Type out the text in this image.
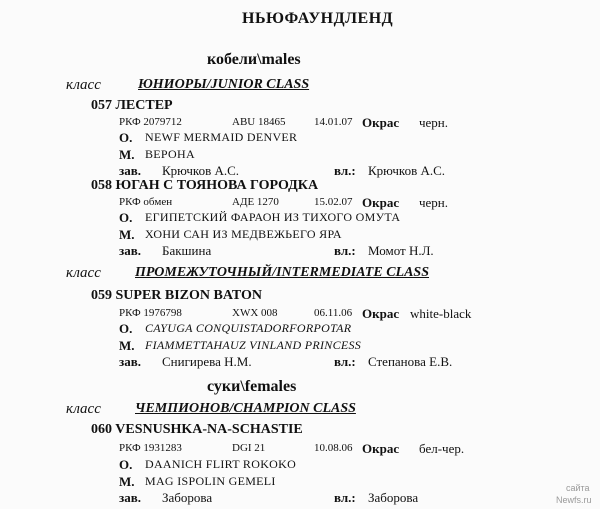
НЬЮФАУНДЛЕНД
кобели\males
класс	ЮНИОРЫ/JUNIOR CLASS
057 ЛЕСТЕР
РКФ 2079712	ABU 18465	14.01.07 Окрас черн.
О. NEWF MERMAID DENVER
М. ВЕРОНА
зав. Крючков А.С.	вл.: Крючков А.С.
058 ЮГАН С ТОЯНОВА ГОРОДКА
РКФ обмен	АДЕ 1270	15.02.07 Окрас черн.
О. ЕГИПЕТСКИЙ ФАРАОН ИЗ ТИХОГО ОМУТА
М. ХОНИ САН ИЗ МЕДВЕЖЬЕГО ЯРА
зав. Бакшина	вл.: Момот Н.Л.
класс ПРОМЕЖУТОЧНЫЙ/INTERMEDIATE CLASS
059 SUPER BIZON BATON
РКФ 1976798	XWX 008	06.11.06 Окрас white-black
О. CAYUGA CONQUISTADORFORPOTAR
М. FIAMMETTAHAUZ VINLAND PRINCESS
зав. Снигирева Н.М.	вл.: Степанова Е.В.
суки\females
класс ЧЕМПИОНОВ/CHAMPION CLASS
060 VESNUSHKA-NA-SCHASTIE
РКФ 1931283	DGI 21	10.08.06 Окрас бел-чер.
О. DAANICH FLIRT ROKOKO
М. MAG ISPOLIN GEMELI
зав. Заборова	вл.: Заборова
сайта
Newfs.ru
